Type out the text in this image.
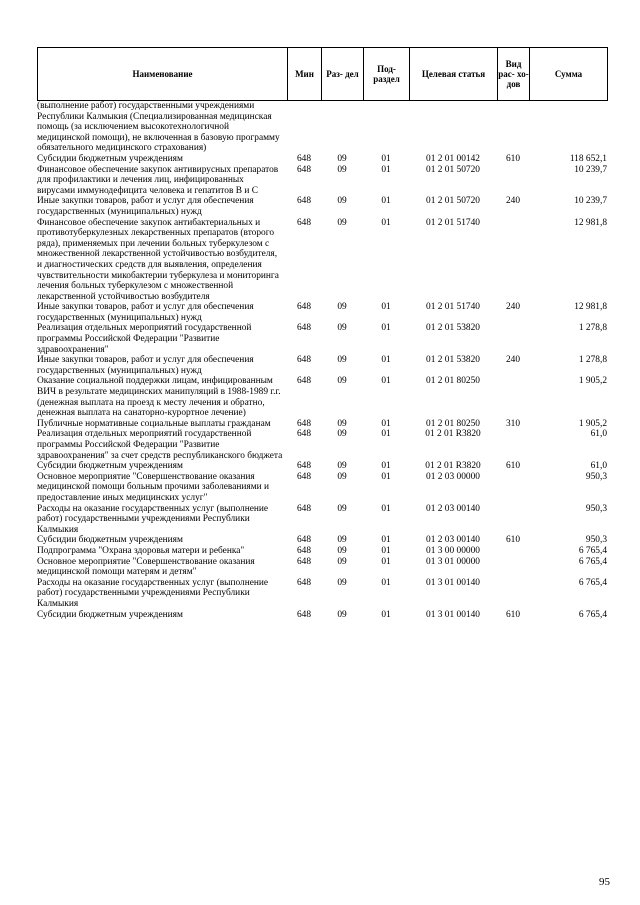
Наименование	Мин	Раз- дел	Под- раздел	Целевая статья	Вид рас- хо- дов	Сумма
(выполнение работ) государственными учреждениями Республики Калмыкия (Специализированная медицинская помощь (за исключением высокотехнологичной медицинской помощи), не включенная в базовую программу обязательного медицинского страхования)						
Субсидии бюджетным учреждениям	648	09	01	01 2 01 00142	610	118 652,1
Финансовое обеспечение закупок антивирусных препаратов для профилактики и лечения лиц, инфицированных вирусами иммунодефицита человека и гепатитов В и С	648	09	01	01 2 01 50720		10 239,7
Иные закупки товаров, работ и услуг для обеспечения государственных (муниципальных) нужд	648	09	01	01 2 01 50720	240	10 239,7
Финансовое обеспечение закупок антибактериальных и противотуберкулезных лекарственных препаратов (второго ряда), применяемых при лечении больных туберкулезом с множественной лекарственной устойчивостью возбудителя, и диагностических средств для выявления, определения чувствительности микобактерии туберкулеза и мониторинга лечения больных туберкулезом с множественной лекарственной устойчивостью возбудителя	648	09	01	01 2 01 51740		12 981,8
Иные закупки товаров, работ и услуг для обеспечения государственных (муниципальных) нужд	648	09	01	01 2 01 51740	240	12 981,8
Реализация отдельных мероприятий государственной программы Российской Федерации "Развитие здравоохранения"	648	09	01	01 2 01 53820		1 278,8
Иные закупки товаров, работ и услуг для обеспечения государственных (муниципальных) нужд	648	09	01	01 2 01 53820	240	1 278,8
Оказание социальной поддержки лицам, инфицированным ВИЧ в результате медицинских манипуляций в 1988-1989 г.г. (денежная выплата на проезд к месту лечения и обратно, денежная выплата на санаторно-курортное лечение)	648	09	01	01 2 01 80250		1 905,2
Публичные нормативные социальные выплаты гражданам	648	09	01	01 2 01 80250	310	1 905,2
Реализация отдельных мероприятий государственной программы Российской Федерации "Развитие здравоохранения" за счет средств республиканского бюджета	648	09	01	01 2 01 R3820		61,0
Субсидии бюджетным учреждениям	648	09	01	01 2 01 R3820	610	61,0
Основное мероприятие "Совершенствование оказания медицинской помощи больным прочими заболеваниями и предоставление иных медицинских услуг"	648	09	01	01 2 03 00000		950,3
Расходы на оказание государственных услуг (выполнение работ) государственными учреждениями Республики Калмыкия	648	09	01	01 2 03 00140		950,3
Субсидии бюджетным учреждениям	648	09	01	01 2 03 00140	610	950,3
Подпрограмма "Охрана здоровья матери и ребенка"	648	09	01	01 3 00 00000		6 765,4
Основное мероприятие "Совершенствование оказания медицинской помощи матерям и детям"	648	09	01	01 3 01 00000		6 765,4
Расходы на оказание государственных услуг (выполнение работ) государственными учреждениями Республики Калмыкия	648	09	01	01 3 01 00140		6 765,4
Субсидии бюджетным учреждениям	648	09	01	01 3 01 00140	610	6 765,4
95
